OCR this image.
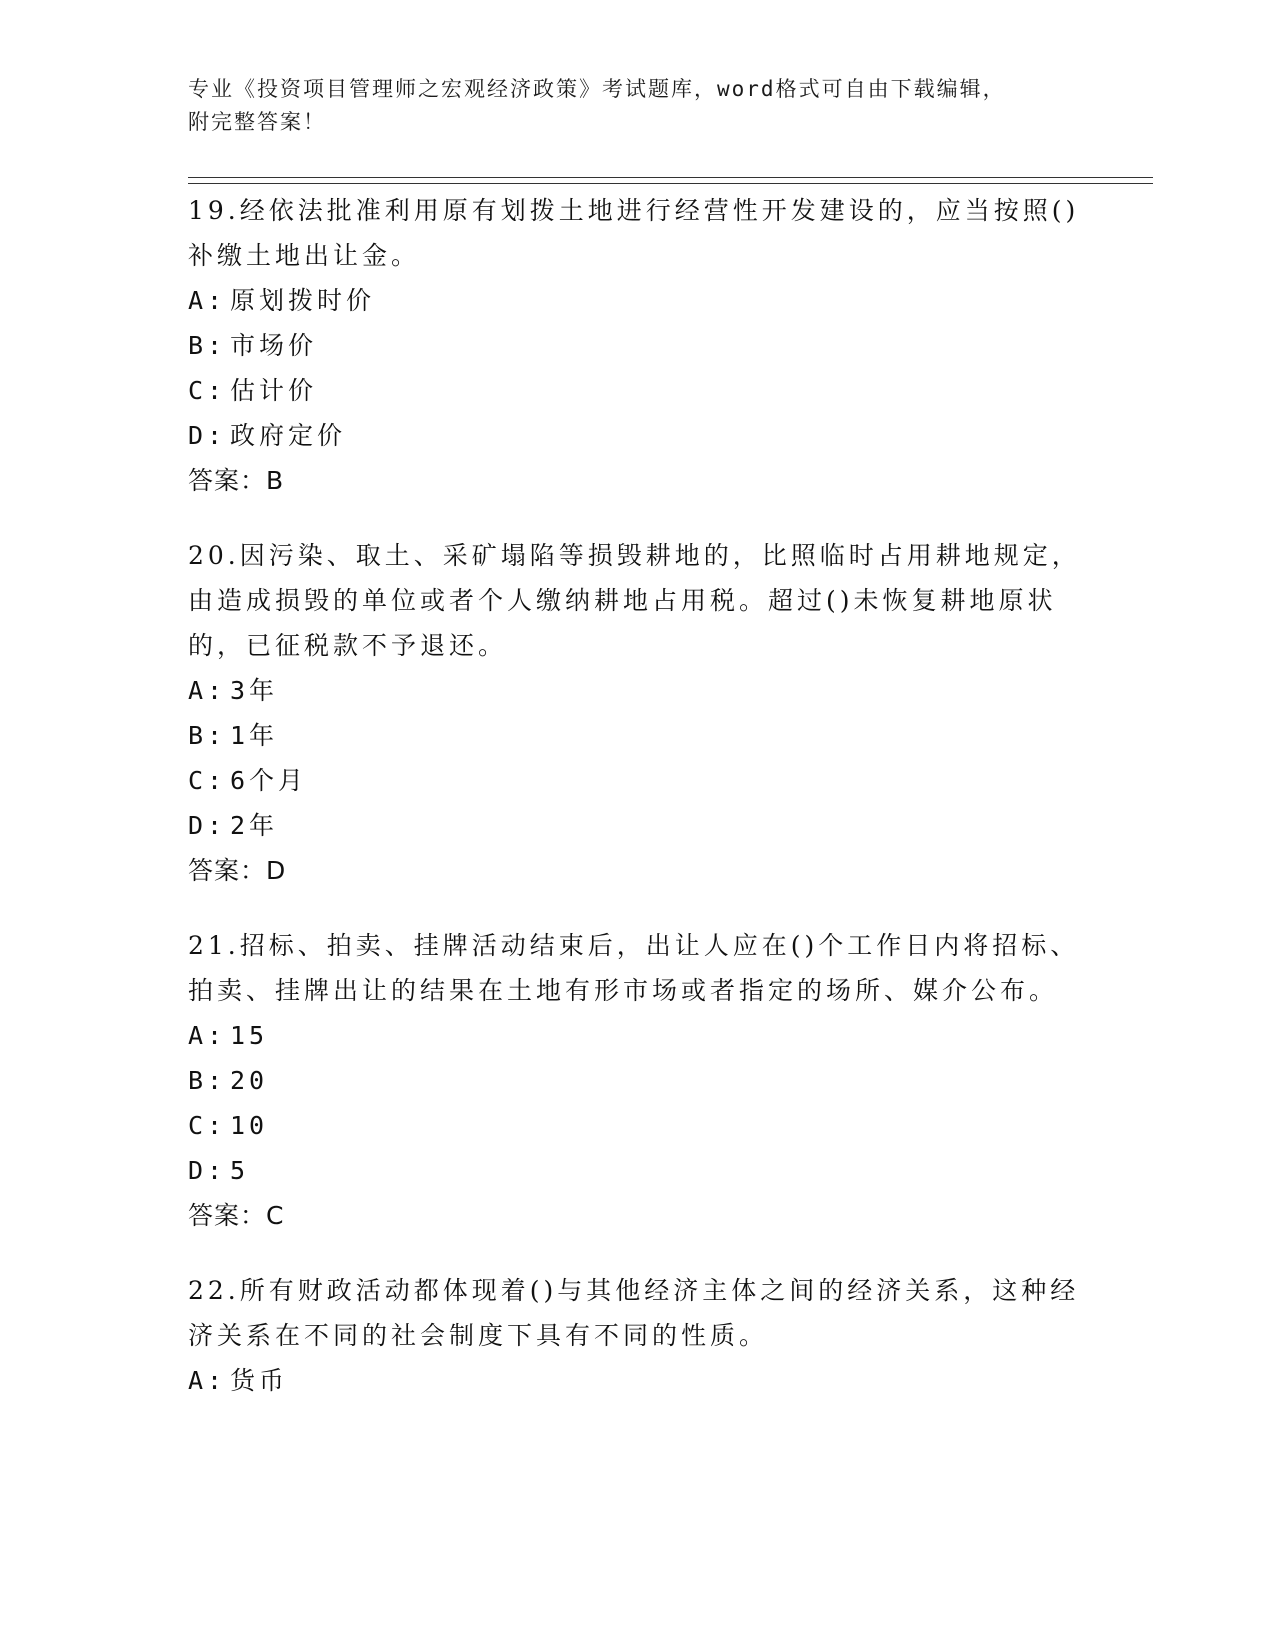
专业《投资项目管理师之宏观经济政策》考试题库，word格式可自由下载编辑，
附完整答案！

19.经依法批准利用原有划拨土地进行经营性开发建设的，应当按照()补缴土地出让金。

A: 原划拨时价
B: 市场价
C: 估计价
D: 政府定价

答案：B

20.因污染、取土、采矿塌陷等损毁耕地的，比照临时占用耕地规定，由造成损毁的单位或者个人缴纳耕地占用税。超过()未恢复耕地原状的，已征税款不予退还。

A: 3年
B: 1年
C: 6个月
D: 2年

答案：D

21.招标、拍卖、挂牌活动结束后，出让人应在()个工作日内将招标、拍卖、挂牌出让的结果在土地有形市场或者指定的场所、媒介公布。

A: 15
B: 20
C: 10
D: 5

答案：C

22.所有财政活动都体现着()与其他经济主体之间的经济关系，这种经济关系在不同的社会制度下具有不同的性质。

A: 货币
